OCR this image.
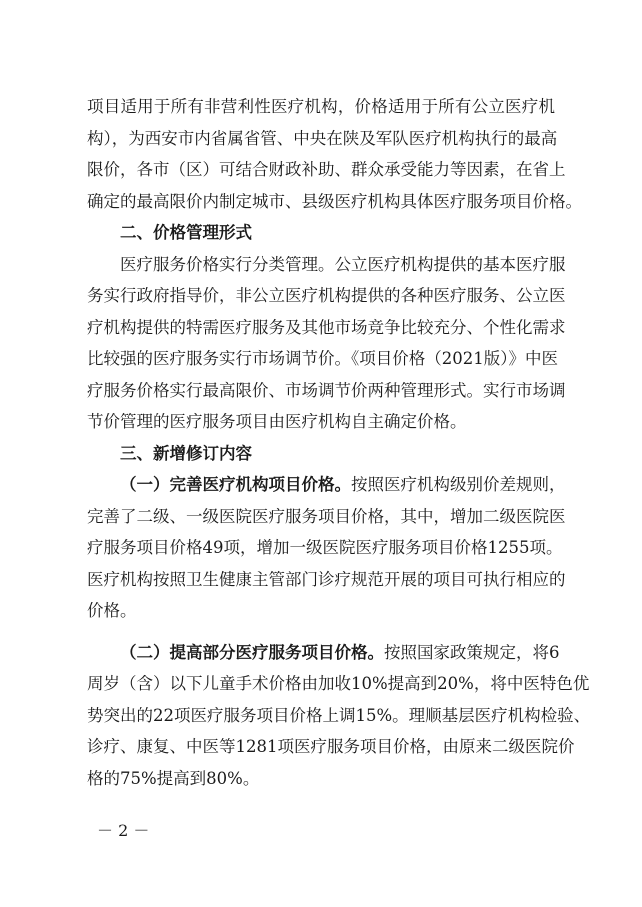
项目适用于所有非营利性医疗机构，价格适用于所有公立医疗机
构），为西安市内省属省管、中央在陕及军队医疗机构执行的最高
限价，各市（区）可结合财政补助、群众承受能力等因素，在省上
确定的最高限价内制定城市、县级医疗机构具体医疗服务项目价格。
二、价格管理形式
医疗服务价格实行分类管理。公立医疗机构提供的基本医疗服
务实行政府指导价，非公立医疗机构提供的各种医疗服务、公立医
疗机构提供的特需医疗服务及其他市场竞争比较充分、个性化需求
比较强的医疗服务实行市场调节价。《项目价格（2021版）》中医
疗服务价格实行最高限价、市场调节价两种管理形式。实行市场调
节价管理的医疗服务项目由医疗机构自主确定价格。
三、新增修订内容
（一）完善医疗机构项目价格。按照医疗机构级别价差规则，
完善了二级、一级医院医疗服务项目价格，其中，增加二级医院医
疗服务项目价格49项，增加一级医院医疗服务项目价格1255项。
医疗机构按照卫生健康主管部门诊疗规范开展的项目可执行相应的
价格。
（二）提高部分医疗服务项目价格。按照国家政策规定，将6
周岁（含）以下儿童手术价格由加收10%提高到20%，将中医特色优
势突出的22项医疗服务项目价格上调15%。理顺基层医疗机构检验、
诊疗、康复、中医等1281项医疗服务项目价格，由原来二级医院价
格的75%提高到80%。
－ 2 －
